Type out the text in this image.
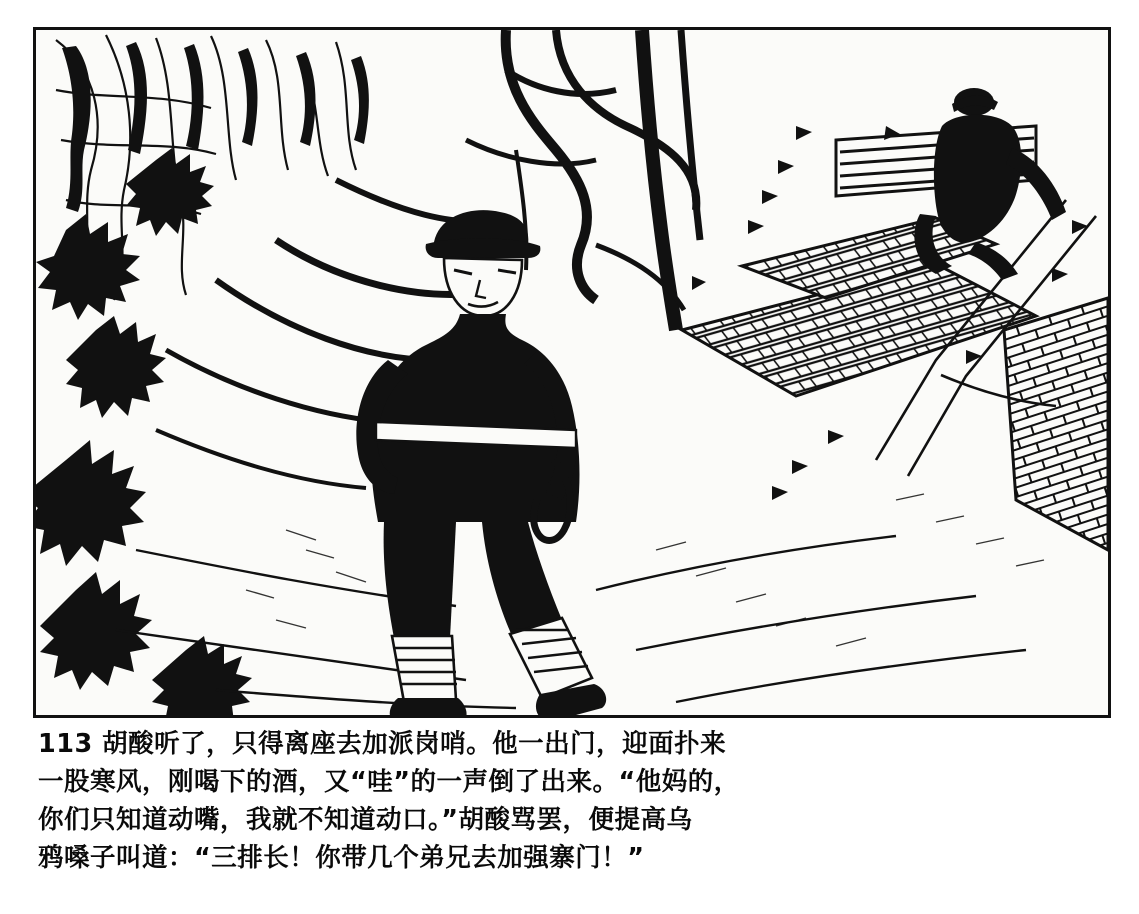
113 胡酸听了，只得离座去加派岗哨。他一出门，迎面扑来
一股寒风，刚喝下的酒，又“哇”的一声倒了出来。“他妈的，
你们只知道动嘴，我就不知道动口。”胡酸骂罢，便提高乌
鸦嗓子叫道：“三排长！你带几个弟兄去加强寨门！”
